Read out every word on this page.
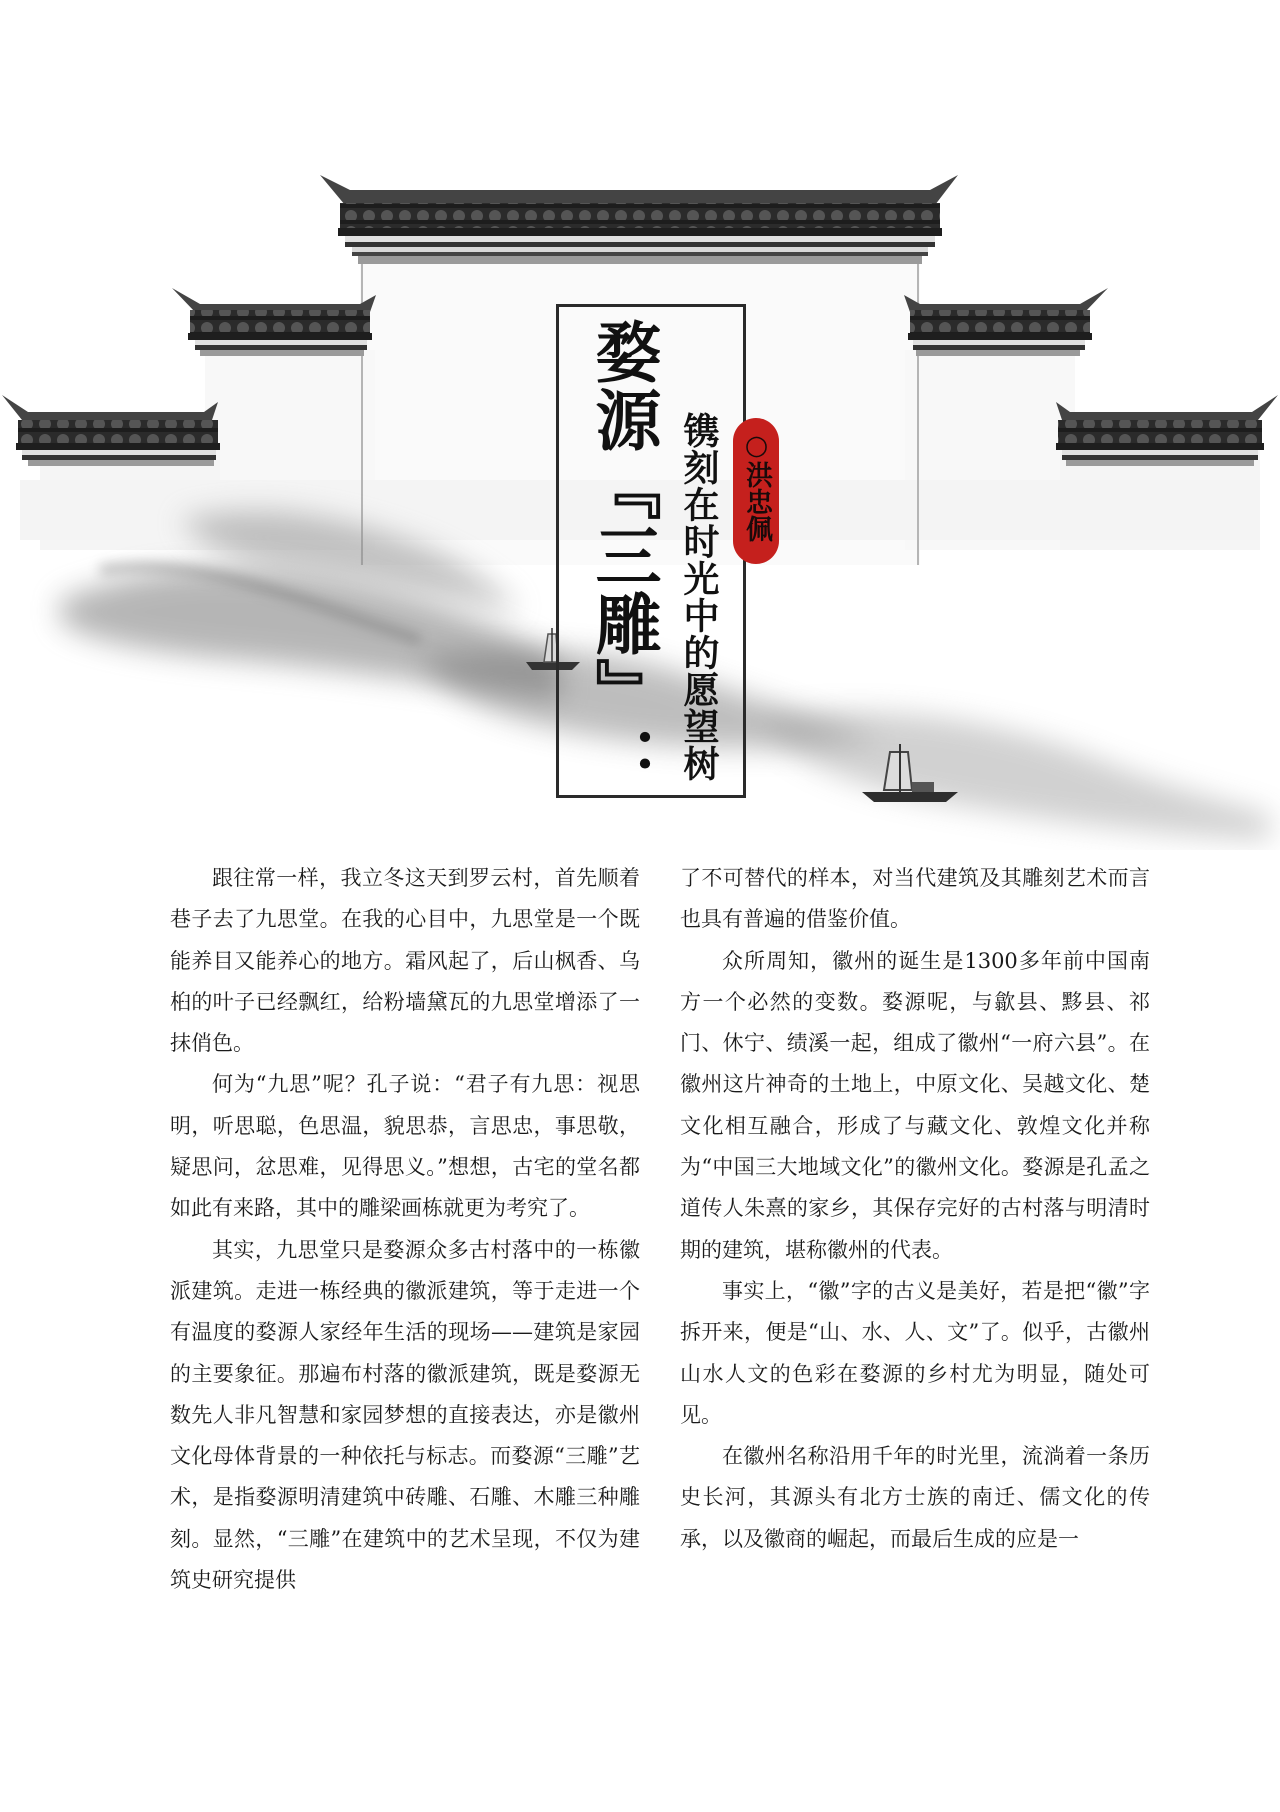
婺源『三雕』： 镌刻在时光中的愿望树 ○洪忠佩

跟往常一样，我立冬这天到罗云村，首先顺着巷子去了九思堂。在我的心目中，九思堂是一个既能养目又能养心的地方。霜风起了，后山枫香、乌桕的叶子已经飘红，给粉墙黛瓦的九思堂增添了一抹俏色。

何为“九思”呢？孔子说：“君子有九思：视思明，听思聪，色思温，貌思恭，言思忠，事思敬，疑思问，忿思难，见得思义。”想想，古宅的堂名都如此有来路，其中的雕梁画栋就更为考究了。

其实，九思堂只是婺源众多古村落中的一栋徽派建筑。走进一栋经典的徽派建筑，等于走进一个有温度的婺源人家经年生活的现场——建筑是家园的主要象征。那遍布村落的徽派建筑，既是婺源无数先人非凡智慧和家园梦想的直接表达，亦是徽州文化母体背景的一种依托与标志。而婺源“三雕”艺术，是指婺源明清建筑中砖雕、石雕、木雕三种雕刻。显然，“三雕”在建筑中的艺术呈现，不仅为建筑史研究提供

了不可替代的样本，对当代建筑及其雕刻艺术而言也具有普遍的借鉴价值。

众所周知，徽州的诞生是1300多年前中国南方一个必然的变数。婺源呢，与歙县、黟县、祁门、休宁、绩溪一起，组成了徽州“一府六县”。在徽州这片神奇的土地上，中原文化、吴越文化、楚文化相互融合，形成了与藏文化、敦煌文化并称为“中国三大地域文化”的徽州文化。婺源是孔孟之道传人朱熹的家乡，其保存完好的古村落与明清时期的建筑，堪称徽州的代表。

事实上，“徽”字的古义是美好，若是把“徽”字拆开来，便是“山、水、人、文”了。似乎，古徽州山水人文的色彩在婺源的乡村尤为明显，随处可见。

在徽州名称沿用千年的时光里，流淌着一条历史长河，其源头有北方士族的南迁、儒文化的传承，以及徽商的崛起，而最后生成的应是一
